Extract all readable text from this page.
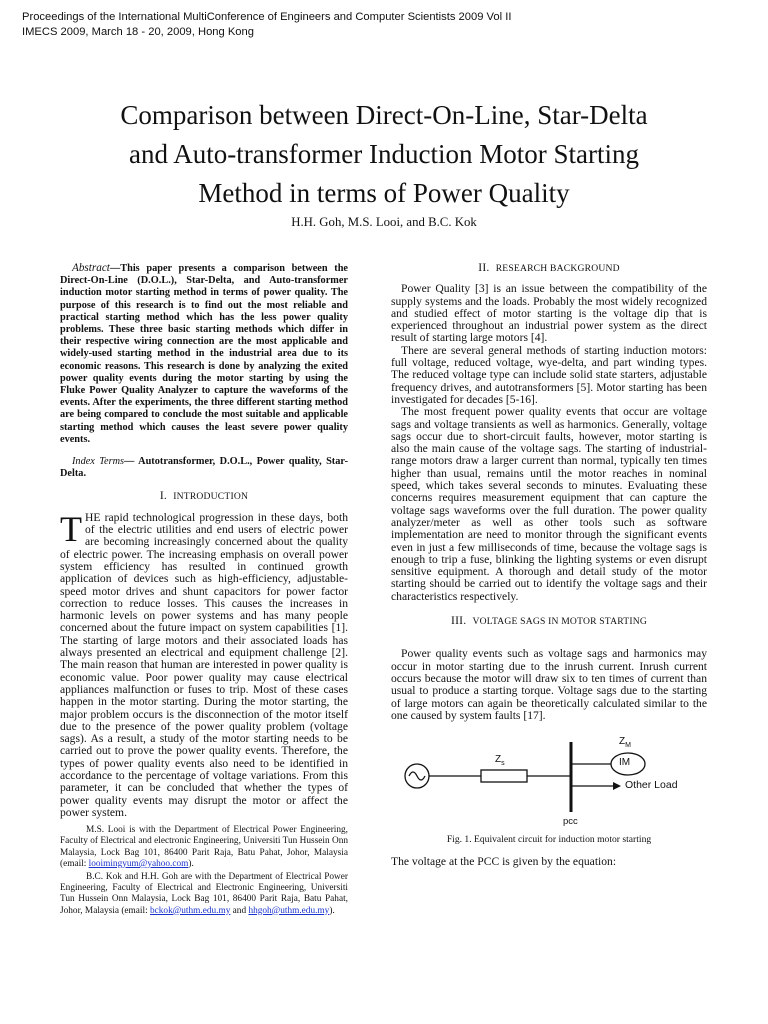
Proceedings of the International MultiConference of Engineers and Computer Scientists 2009 Vol II
IMECS 2009, March 18 - 20, 2009, Hong Kong
Comparison between Direct-On-Line, Star-Delta
and Auto-transformer Induction Motor Starting
Method in terms of Power Quality
H.H. Goh, M.S. Looi, and B.C. Kok

Abstract—This paper presents a comparison between the Direct-On-Line (D.O.L.), Star-Delta, and Auto-transformer induction motor starting method in terms of power quality. The purpose of this research is to find out the most reliable and practical starting method which has the less power quality problems. These three basic starting methods which differ in their respective wiring connection are the most applicable and widely-used starting method in the industrial area due to its economic reasons. This research is done by analyzing the exited power quality events during the motor starting by using the Fluke Power Quality Analyzer to capture the waveforms of the events. After the experiments, the three different starting method are being compared to conclude the most suitable and applicable starting method which causes the least severe power quality events.

Index Terms— Autotransformer, D.O.L., Power quality, Star-Delta.

I. INTRODUCTION

THE rapid technological progression in these days, both of the electric utilities and end users of electric power are becoming increasingly concerned about the quality of electric power. The increasing emphasis on overall power system efficiency has resulted in continued growth application of devices such as high-efficiency, adjustable-speed motor drives and shunt capacitors for power factor correction to reduce losses. This causes the increases in harmonic levels on power systems and has many people concerned about the future impact on system capabilities [1]. The starting of large motors and their associated loads has always presented an electrical and equipment challenge [2]. The main reason that human are interested in power quality is economic value. Poor power quality may cause electrical appliances malfunction or fuses to trip. Most of these cases happen in the motor starting. During the motor starting, the major problem occurs is the disconnection of the motor itself due to the presence of the power quality problem (voltage sags). As a result, a study of the motor starting needs to be carried out to prove the power quality events. Therefore, the types of power quality events also need to be identified in accordance to the percentage of voltage variations. From this parameter, it can be concluded that whether the types of power quality events may disrupt the motor or affect the power system.

M.S. Looi is with the Department of Electrical Power Engineering, Faculty of Electrical and electronic Engineering, Universiti Tun Hussein Onn Malaysia, Lock Bag 101, 86400 Parit Raja, Batu Pahat, Johor, Malaysia (email: looimingyum@yahoo.com).
B.C. Kok and H.H. Goh are with the Department of Electrical Power Engineering, Faculty of Electrical and Electronic Engineering, Universiti Tun Hussein Onn Malaysia, Lock Bag 101, 86400 Parit Raja, Batu Pahat, Johor, Malaysia (email: bckok@uthm.edu.my and hhgoh@uthm.edu.my).
II. RESEARCH BACKGROUND

Power Quality [3] is an issue between the compatibility of the supply systems and the loads. Probably the most widely recognized and studied effect of motor starting is the voltage dip that is experienced throughout an industrial power system as the direct result of starting large motors [4].

There are several general methods of starting induction motors: full voltage, reduced voltage, wye-delta, and part winding types. The reduced voltage type can include solid state starters, adjustable frequency drives, and autotransformers [5]. Motor starting has been investigated for decades [5-16].

The most frequent power quality events that occur are voltage sags and voltage transients as well as harmonics. Generally, voltage sags occur due to short-circuit faults, however, motor starting is also the main cause of the voltage sags. The starting of industrial-range motors draw a larger current than normal, typically ten times higher than usual, remains until the motor reaches in nominal speed, which takes several seconds to minutes. Evaluating these concerns requires measurement equipment that can capture the voltage sags waveforms over the full duration. The power quality analyzer/meter as well as other tools such as software implementation are need to monitor through the significant events even in just a few milliseconds of time, because the voltage sags is enough to trip a fuse, blinking the lighting systems or even disrupt sensitive equipment. A thorough and detail study of the motor starting should be carried out to identify the voltage sags and their characteristics respectively.

III. VOLTAGE SAGS IN MOTOR STARTING

Power quality events such as voltage sags and harmonics may occur in motor starting due to the inrush current. Inrush current occurs because the motor will draw six to ten times of current than usual to produce a starting torque. Voltage sags due to the starting of large motors can again be theoretically calculated similar to the one caused by system faults [17].

$Z_s$
$Z_M$
IM
Other Load
pcc
Fig. 1. Equivalent circuit for induction motor starting

The voltage at the PCC is given by the equation:
